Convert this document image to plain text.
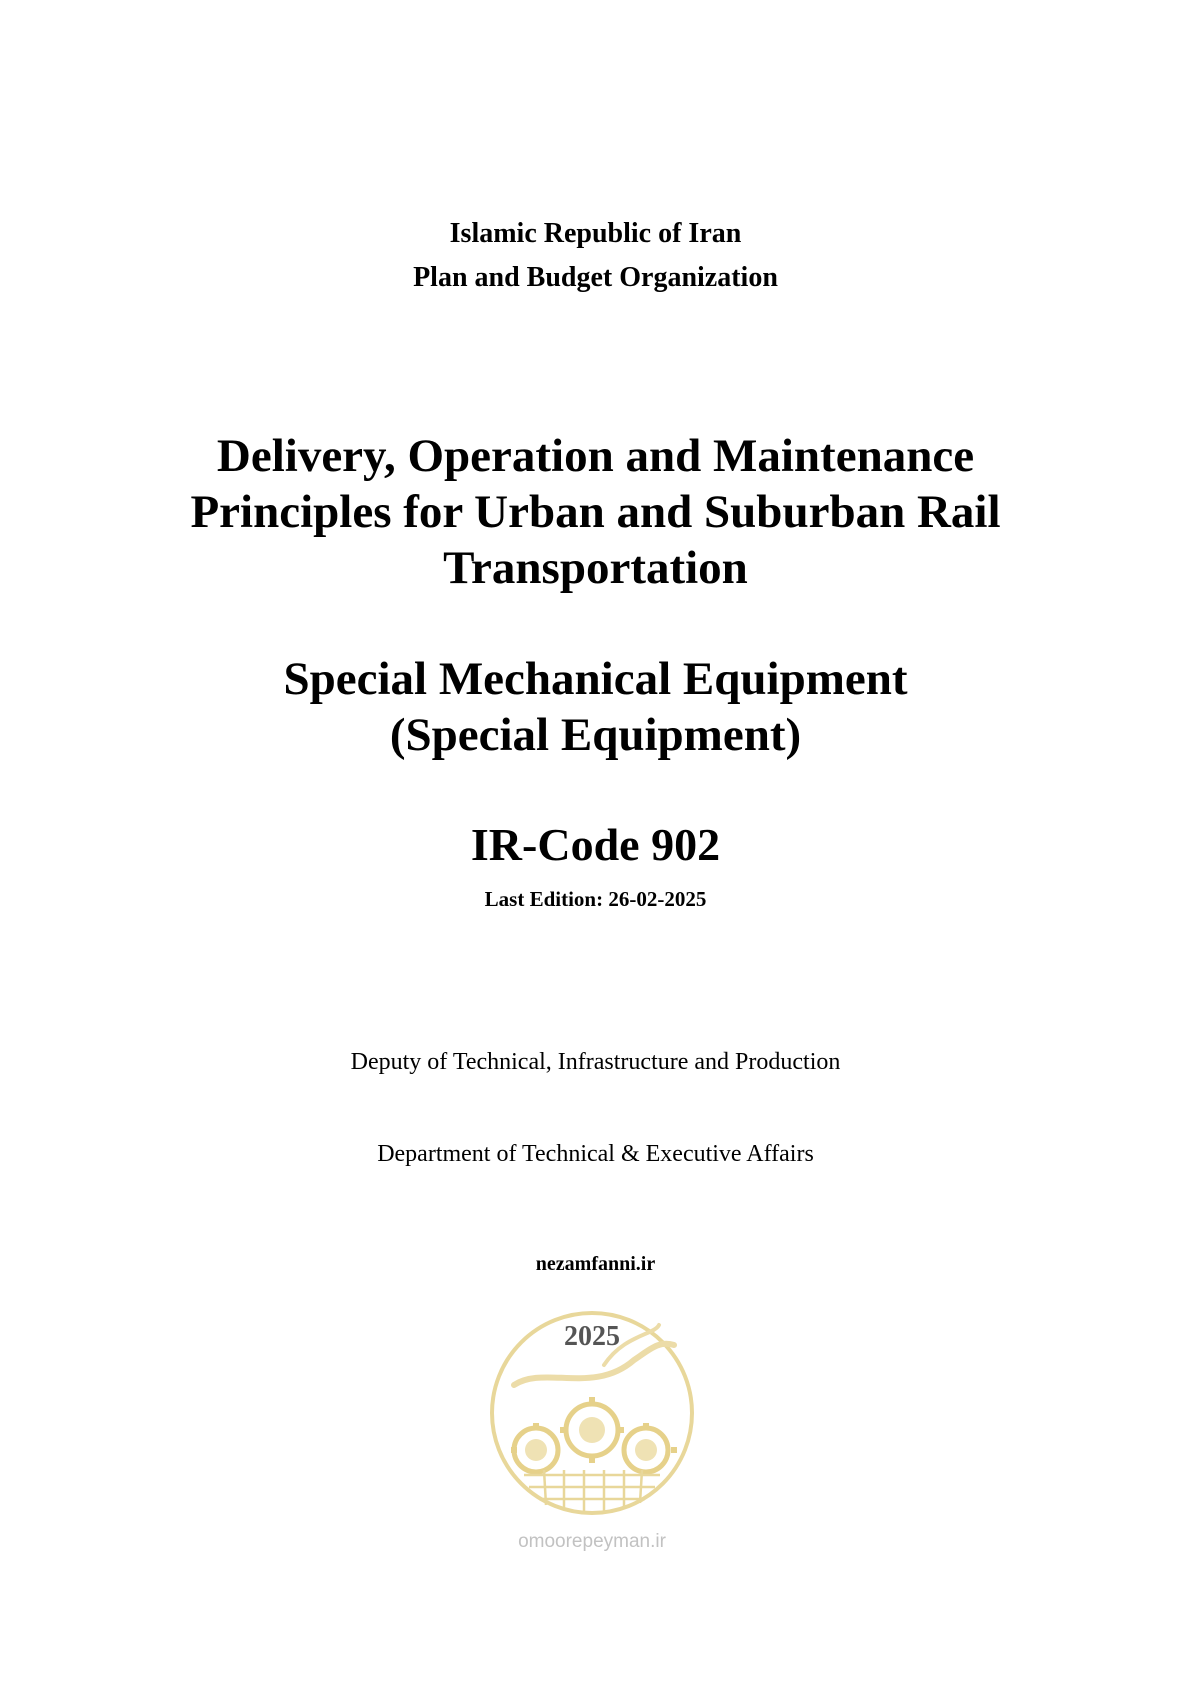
Islamic Republic of Iran
Plan and Budget Organization
Delivery, Operation and Maintenance
Principles for Urban and Suburban Rail
Transportation
Special Mechanical Equipment
(Special Equipment)
IR-Code 902
Last Edition: 26-02-2025
Deputy of Technical, Infrastructure and Production
Department of Technical & Executive Affairs
nezamfanni.ir
2025
omoorepeyman.ir
